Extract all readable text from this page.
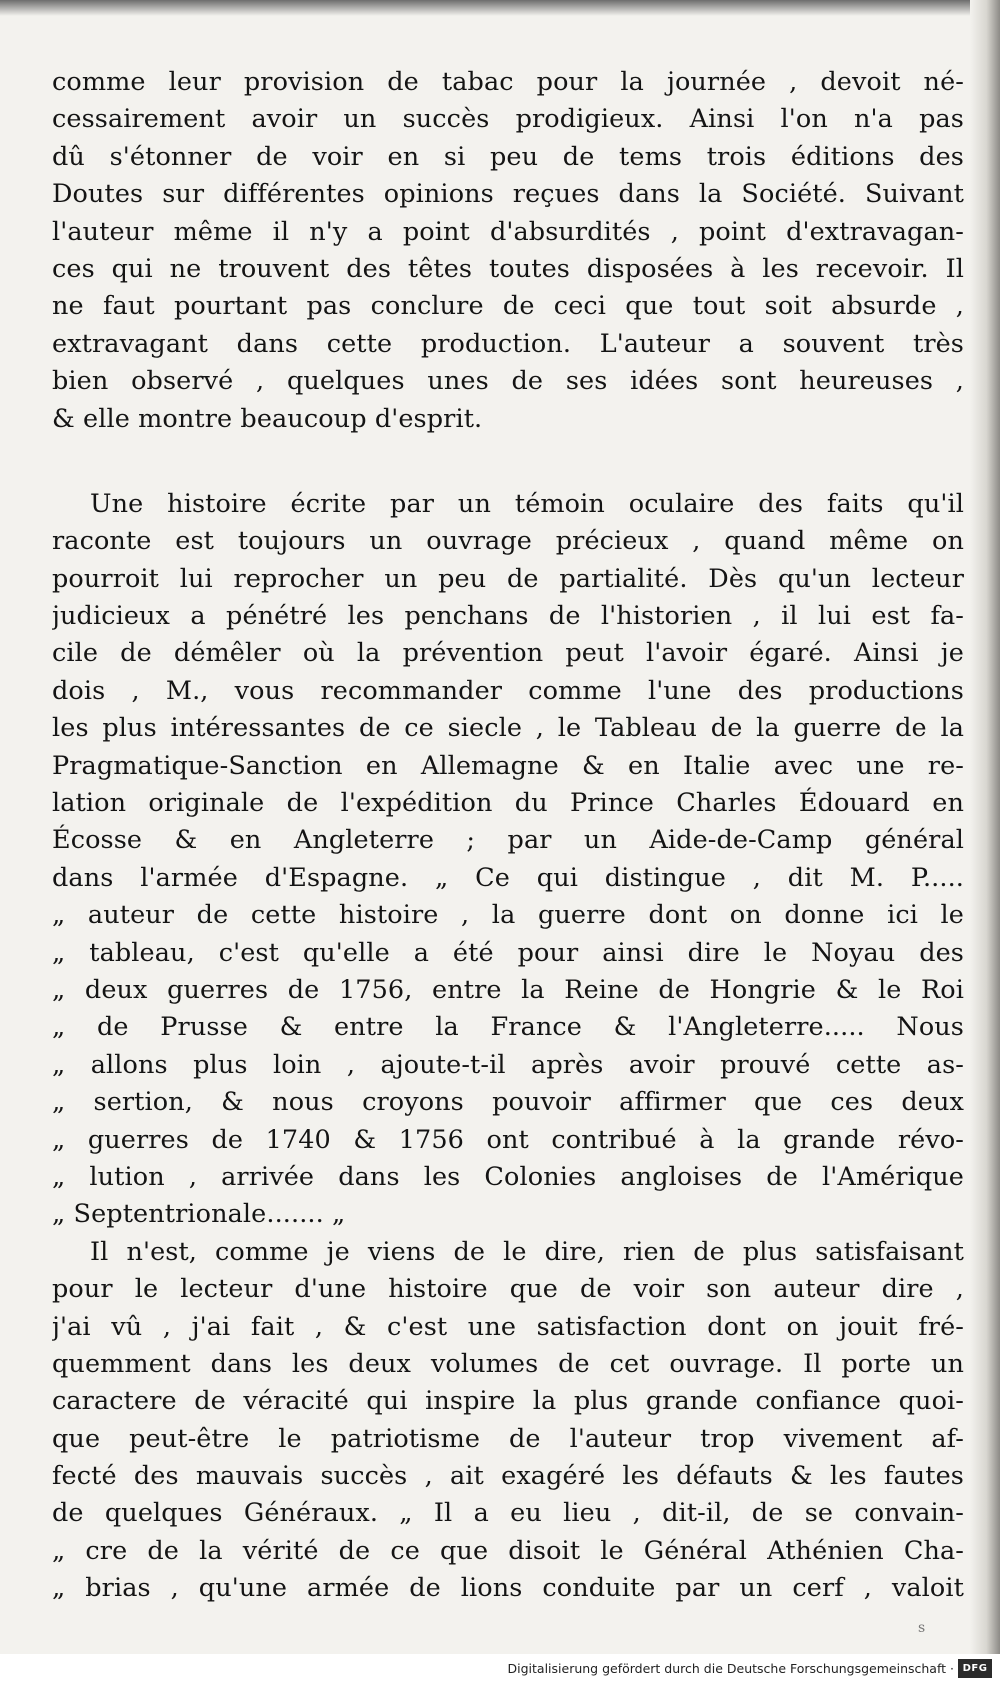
comme leur provision de tabac pour la journée , devoit né-
cessairement avoir un succès prodigieux. Ainsi l'on n'a pas
dû s'étonner de voir en si peu de tems trois éditions des
Doutes sur différentes opinions reçues dans la Société. Suivant
l'auteur même il n'y a point d'absurdités , point d'extravagan-
ces qui ne trouvent des têtes toutes disposées à les recevoir. Il
ne faut pourtant pas conclure de ceci que tout soit absurde ,
extravagant dans cette production. L'auteur a souvent très
bien observé , quelques unes de ses idées sont heureuses ,
& elle montre beaucoup d'esprit.
Une histoire écrite par un témoin oculaire des faits qu'il
raconte est toujours un ouvrage précieux , quand même on
pourroit lui reprocher un peu de partialité. Dès qu'un lecteur
judicieux a pénétré les penchans de l'historien , il lui est fa-
cile de démêler où la prévention peut l'avoir égaré. Ainsi je
dois , M., vous recommander comme l'une des productions
les plus intéressantes de ce siecle , le Tableau de la guerre de la
Pragmatique-Sanction en Allemagne & en Italie avec une re-
lation originale de l'expédition du Prince Charles Édouard en
Écosse & en Angleterre ; par un Aide-de-Camp général
dans l'armée d'Espagne. „ Ce qui distingue , dit M. P.....
„ auteur de cette histoire , la guerre dont on donne ici le
„ tableau, c'est qu'elle a été pour ainsi dire le Noyau des
„ deux guerres de 1756, entre la Reine de Hongrie & le Roi
„ de Prusse & entre la France & l'Angleterre..... Nous
„ allons plus loin , ajoute-t-il après avoir prouvé cette as-
„ sertion, & nous croyons pouvoir affirmer que ces deux
„ guerres de 1740 & 1756 ont contribué à la grande révo-
„ lution , arrivée dans les Colonies angloises de l'Amérique
„ Septentrionale....... „
Il n'est, comme je viens de le dire, rien de plus satisfaisant
pour le lecteur d'une histoire que de voir son auteur dire ,
j'ai vû , j'ai fait , & c'est une satisfaction dont on jouit fré-
quemment dans les deux volumes de cet ouvrage. Il porte un
caractere de véracité qui inspire la plus grande confiance quoi-
que peut-être le patriotisme de l'auteur trop vivement af-
fecté des mauvais succès , ait exagéré les défauts & les fautes
de quelques Généraux. „ Il a eu lieu , dit-il, de se convain-
„ cre de la vérité de ce que disoit le Général Athénien Cha-
„ brias , qu'une armée de lions conduite par un cerf , valoit
s
Digitalisierung gefördert durch die Deutsche Forschungsgemeinschaft · DFG
